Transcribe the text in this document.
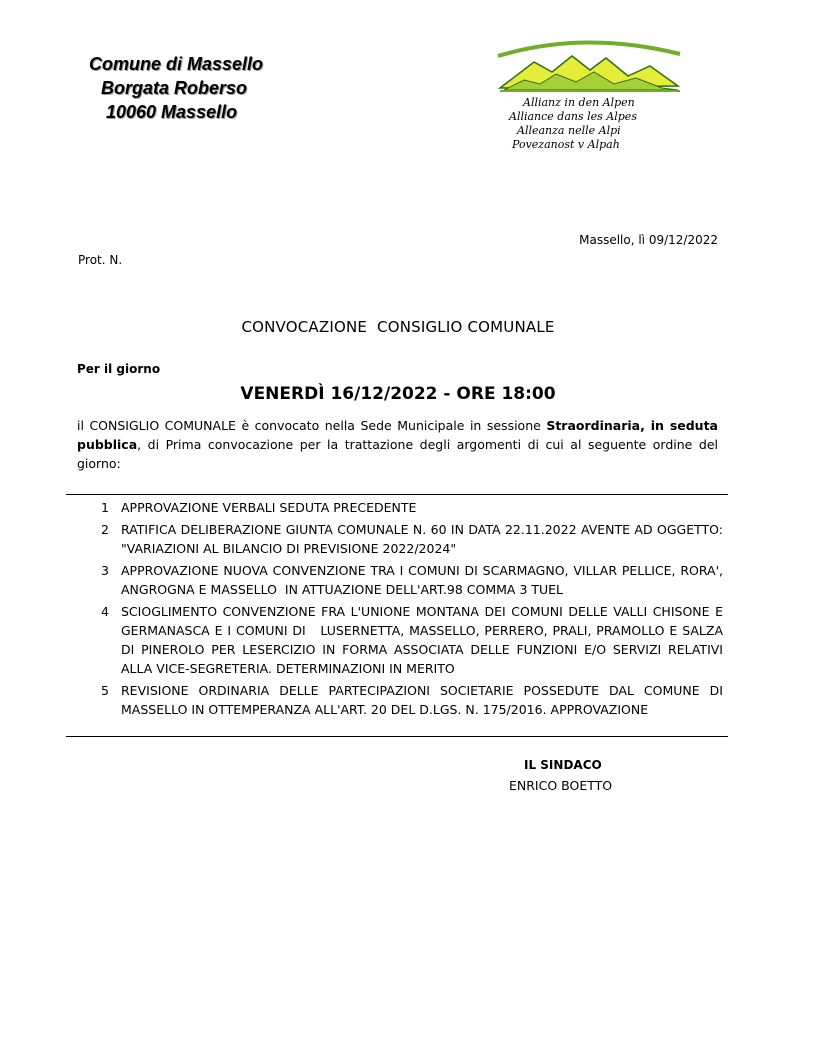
Comune di Massello
Borgata Roberso
10060 Massello	Allianz in den Alpen
Alliance dans les Alpes
Alleanza nelle Alpi
Povezanost v Alpah
Massello, lì 09/12/2022
Prot. N.
CONVOCAZIONE  CONSIGLIO COMUNALE
Per il giorno
VENERDÌ 16/12/2022 - ORE 18:00
il CONSIGLIO COMUNALE è convocato nella Sede Municipale in sessione Straordinaria, in seduta pubblica, di Prima convocazione per la trattazione degli argomenti di cui al seguente ordine del giorno:
1 APPROVAZIONE VERBALI SEDUTA PRECEDENTE
2 RATIFICA DELIBERAZIONE GIUNTA COMUNALE N. 60 IN DATA 22.11.2022 AVENTE AD OGGETTO: "VARIAZIONI AL BILANCIO DI PREVISIONE 2022/2024"
3 APPROVAZIONE NUOVA CONVENZIONE TRA I COMUNI DI SCARMAGNO, VILLAR PELLICE, RORA', ANGROGNA E MASSELLO  IN ATTUAZIONE DELL'ART.98 COMMA 3 TUEL
4 SCIOGLIMENTO CONVENZIONE FRA L'UNIONE MONTANA DEI COMUNI DELLE VALLI CHISONE E GERMANASCA E I COMUNI DI   LUSERNETTA, MASSELLO, PERRERO, PRALI, PRAMOLLO E SALZA DI PINEROLO PER LESERCIZIO IN FORMA ASSOCIATA DELLE FUNZIONI E/O SERVIZI RELATIVI ALLA VICE-SEGRETERIA. DETERMINAZIONI IN MERITO
5 REVISIONE ORDINARIA DELLE PARTECIPAZIONI SOCIETARIE POSSEDUTE DAL COMUNE DI MASSELLO IN OTTEMPERANZA ALL'ART. 20 DEL D.LGS. N. 175/2016. APPROVAZIONE
IL SINDACO
ENRICO BOETTO
